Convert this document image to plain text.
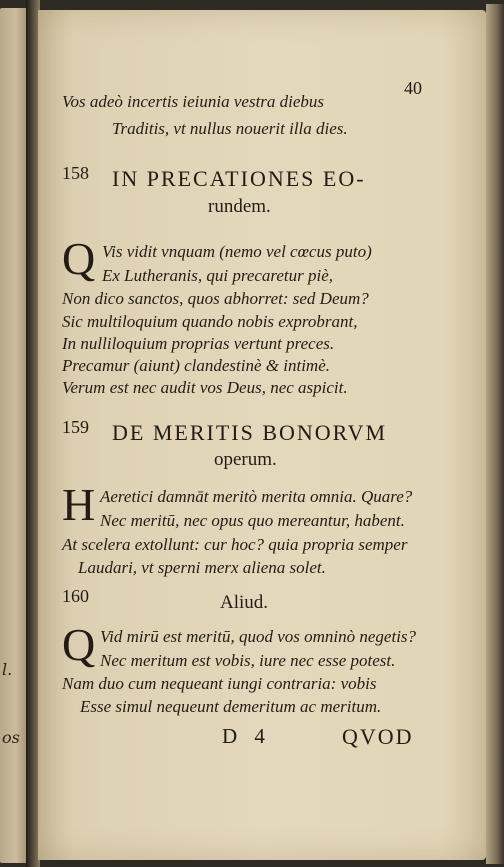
l.
os
40
Vos adeò incertis ieiunia vestra diebus
Traditis, vt nullus nouerit illa dies.
158 IN PRECATIONES EO-
rundem.
Q Vis vidit vnquam (nemo vel cœcus puto)
Ex Lutheranis, qui precaretur piè,
Non dico sanctos, quos abhorret: sed Deum?
Sic multiloquium quando nobis exprobrant,
In nulliloquium proprias vertunt preces.
Precamur (aiunt) clandestinè & intimè.
Verum est nec audit vos Deus, nec aspicit.
159 DE MERITIS BONORVM
operum.
H Aeretici damnāt meritò merita omnia. Quare?
Nec meritū, nec opus quo mereantur, habent.
At scelera extollunt: cur hoc? quia propria semper
Laudari, vt sperni merx aliena solet.
160	Aliud.
Q Vid mirū est meritū, quod vos omninò negetis?
Nec meritum est vobis, iure nec esse potest.
Nam duo cum nequeant iungi contraria: vobis
Esse simul nequeunt demeritum ac meritum.
D 4	QVOD
